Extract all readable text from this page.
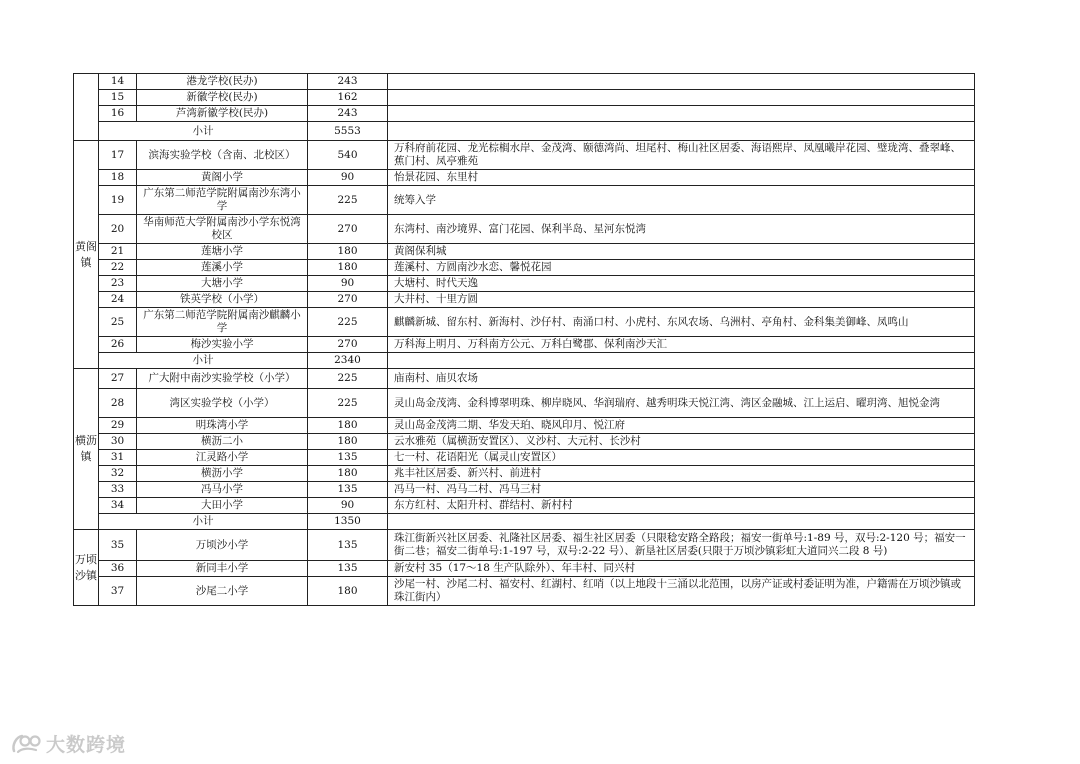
	14	港龙学校(民办)	243	
	15	新徽学校(民办)	162	
	16	芦湾新徽学校(民办)	243	
	小计		5553	
黄阁镇	17	滨海实验学校（含南、北校区）	540	万科府前花园、龙光棕榈水岸、金茂湾、颐德湾尚、坦尾村、梅山社区居委、海语熙岸、凤凰曦岸花园、璧珑湾、叠翠峰、蕉门村、凤亭雅苑
	18	黄阁小学	90	怡景花园、东里村
	19	广东第二师范学院附属南沙东湾小学	225	统筹入学
	20	华南师范大学附属南沙小学东悦湾校区	270	东湾村、南沙境界、富门花园、保利半岛、星河东悦湾
	21	莲塘小学	180	黄阁保利城
	22	莲溪小学	180	莲溪村、方圆南沙水恋、馨悦花园
	23	大塘小学	90	大塘村、时代天逸
	24	铁英学校（小学）	270	大井村、十里方圆
	25	广东第二师范学院附属南沙麒麟小学	225	麒麟新城、留东村、新海村、沙仔村、南涌口村、小虎村、东风农场、乌洲村、亭角村、金科集美御峰、凤鸣山
	26	梅沙实验小学	270	万科海上明月、万科南方公元、万科白鹭郡、保利南沙天汇
	小计		2340	
横沥镇	27	广大附中南沙实验学校（小学）	225	庙南村、庙贝农场
	28	湾区实验学校（小学）	225	灵山岛金茂湾、金科博翠明珠、柳岸晓风、华润瑞府、越秀明珠天悦江湾、湾区金融城、江上运启、曜玥湾、旭悦金湾
	29	明珠湾小学	180	灵山岛金茂湾二期、华发天珀、晓风印月、悦江府
	30	横沥二小	180	云水雅苑（属横沥安置区）、义沙村、大元村、长沙村
	31	江灵路小学	135	七一村、花语阳光（属灵山安置区）
	32	横沥小学	180	兆丰社区居委、新兴村、前进村
	33	冯马小学	135	冯马一村、冯马二村、冯马三村
	34	大田小学	90	东方红村、太阳升村、群结村、新村村
	小计		1350	
万顷沙镇	35	万顷沙小学	135	珠江街新兴社区居委、礼隆社区居委、福生社区居委（只限稔安路全路段；福安一街单号:1-89 号，双号:2-120 号；福安一街二巷；福安二街单号:1-197 号，双号:2-22 号）、新垦社区居委(只限于万顷沙镇彩虹大道同兴二段 8 号)
	36	新同丰小学	135	新安村 35（17～18 生产队除外）、年丰村、同兴村
	37	沙尾二小学	180	沙尾一村、沙尾二村、福安村、红湖村、红哨（以上地段十三涌以北范围，以房产证或村委证明为准，户籍需在万顷沙镇或珠江街内）
大数跨境
